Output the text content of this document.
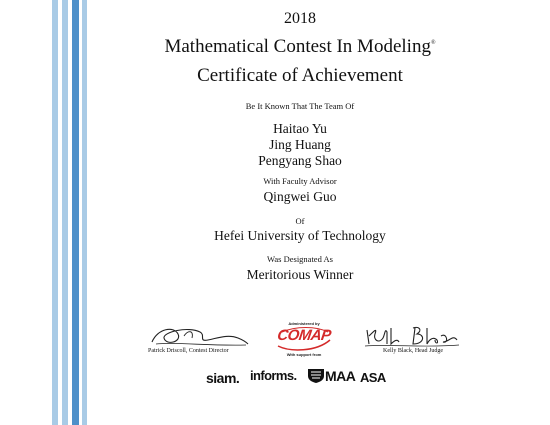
2018
Mathematical Contest In Modeling®
Certificate of Achievement
Be It Known That The Team Of
Haitao Yu
Jing Huang
Pengyang Shao
With Faculty Advisor
Qingwei Guo
Of
Hefei University of Technology
Was Designated As
Meritorious Winner
Patrick Driscoll, Contest Director
Administered by
COMAP
With support from
Kelly Black, Head Judge
siam. informs. MAA ASA
